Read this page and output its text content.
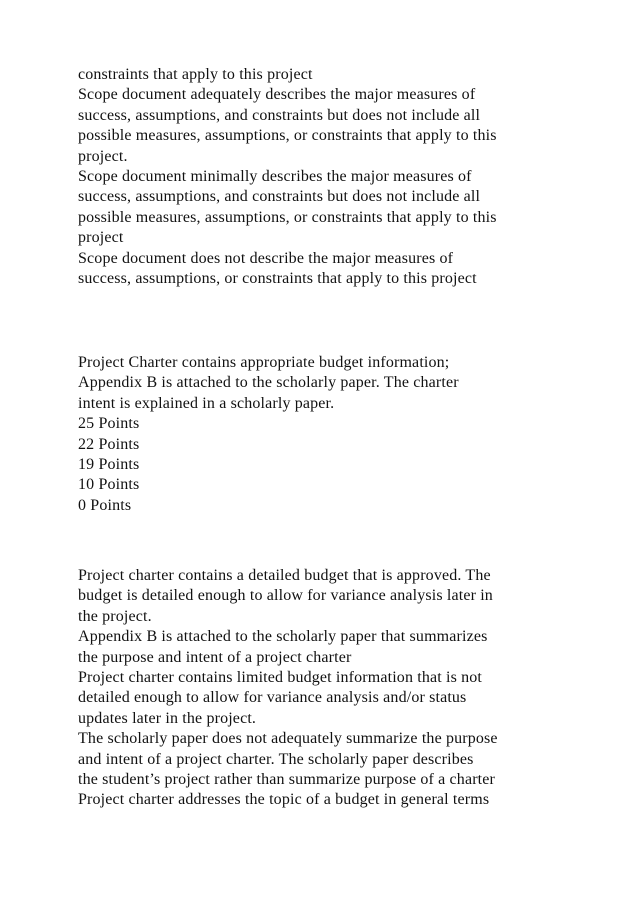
constraints that apply to this project
Scope document adequately describes the major measures of
success, assumptions, and constraints but does not include all
possible measures, assumptions, or constraints that apply to this
project.
Scope document minimally describes the major measures of
success, assumptions, and constraints but does not include all
possible measures, assumptions, or constraints that apply to this
project
Scope document does not describe the major measures of
success, assumptions, or constraints that apply to this project
Project Charter contains appropriate budget information;
Appendix B is attached to the scholarly paper. The charter
intent is explained in a scholarly paper.
25 Points
22 Points
19 Points
10 Points
0 Points
Project charter contains a detailed budget that is approved. The
budget is detailed enough to allow for variance analysis later in
the project.
Appendix B is attached to the scholarly paper that summarizes
the purpose and intent of a project charter
Project charter contains limited budget information that is not
detailed enough to allow for variance analysis and/or status
updates later in the project.
The scholarly paper does not adequately summarize the purpose
and intent of a project charter. The scholarly paper describes
the student’s project rather than summarize purpose of a charter
Project charter addresses the topic of a budget in general terms
